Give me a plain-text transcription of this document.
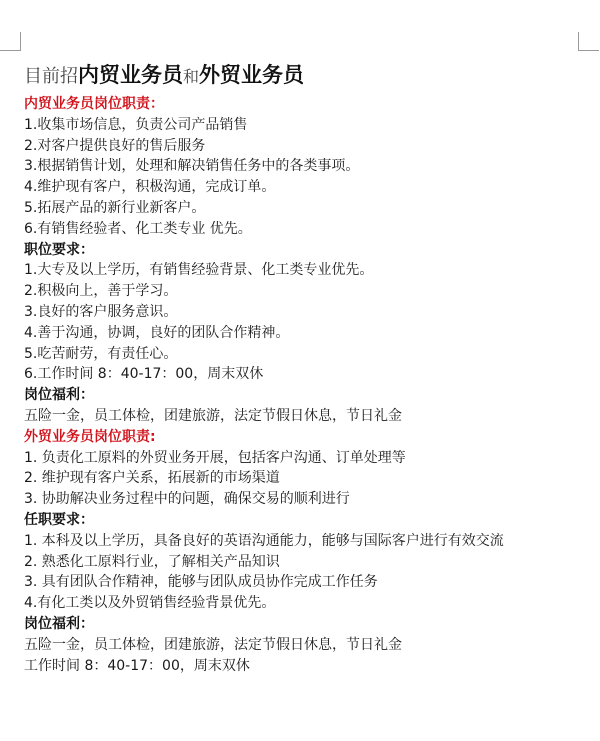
目前招内贸业务员和外贸业务员
内贸业务员岗位职责：
1.收集市场信息，负责公司产品销售
2.对客户提供良好的售后服务
3.根据销售计划，处理和解决销售任务中的各类事项。
4.维护现有客户，积极沟通，完成订单。
5.拓展产品的新行业新客户。
6.有销售经验者、化工类专业 优先。
职位要求：
1.大专及以上学历，有销售经验背景、化工类专业优先。
2.积极向上，善于学习。
3.良好的客户服务意识。
4.善于沟通，协调，良好的团队合作精神。
5.吃苦耐劳，有责任心。
6.工作时间 8：40-17：00，周末双休
岗位福利：
五险一金，员工体检，团建旅游，法定节假日休息，节日礼金
外贸业务员岗位职责:
1. 负责化工原料的外贸业务开展，包括客户沟通、订单处理等
2. 维护现有客户关系，拓展新的市场渠道
3. 协助解决业务过程中的问题，确保交易的顺利进行
任职要求：
1. 本科及以上学历，具备良好的英语沟通能力，能够与国际客户进行有效交流
2. 熟悉化工原料行业，了解相关产品知识
3. 具有团队合作精神，能够与团队成员协作完成工作任务
4.有化工类以及外贸销售经验背景优先。
岗位福利：
五险一金，员工体检，团建旅游，法定节假日休息，节日礼金
工作时间 8：40-17：00，周末双休
